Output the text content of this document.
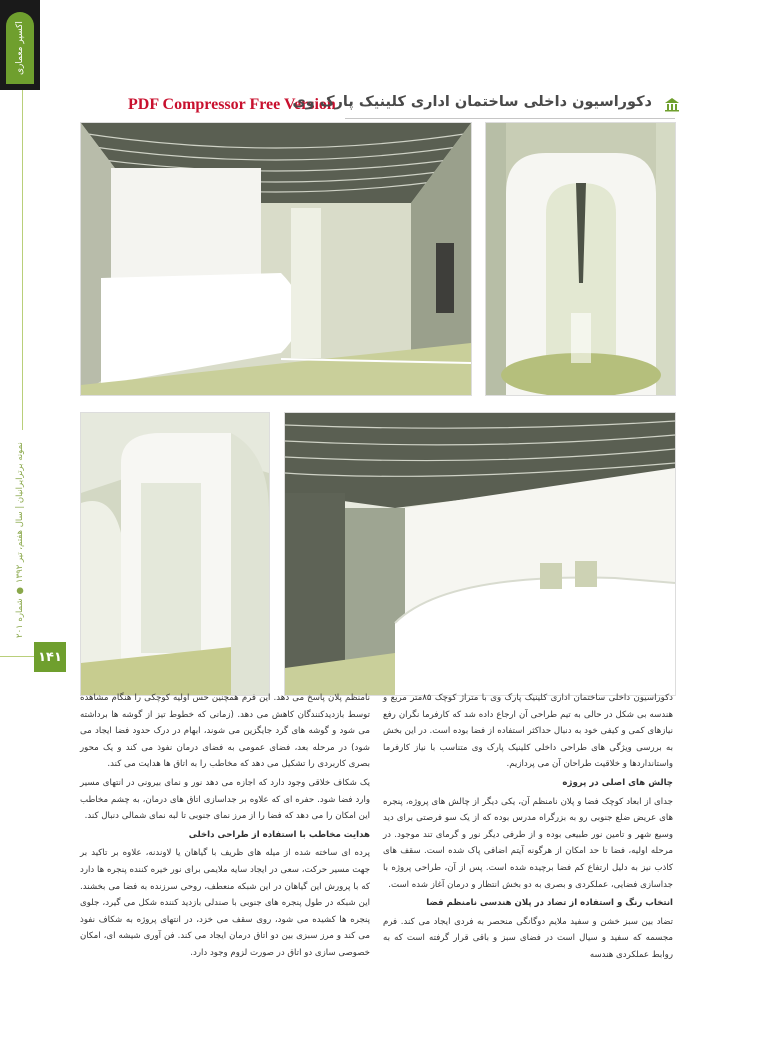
اکسپر معماری
نمونه برترایرانیان | سال هفتم، تیر ۱۳۹۲ ● شماره ۲۰۱
۱۴۱
PDF Compressor Free Version
دکوراسیون داخلی ساختمان اداری کلینیک پارک وی

دکوراسیون داخلی ساختمان اداری کلینیک پارک وی با متراژ کوچک ۸۵متر مربع و هندسه بی شکل در حالی به تیم طراحی آن ارجاع داده شد که کارفرما نگران رفع نیازهای کمی و کیفی خود به دنبال حداکثر استفاده از فضا بوده است. در این بخش به بررسی ویژگی های طراحی داخلی کلینیک پارک وی متناسب با نیاز کارفرما واستانداردها و خلاقیت طراحان آن می پردازیم.

چالش های اصلی در پروژه

جدای از ابعاد کوچک فضا و پلان نامنظم آن، یکی دیگر از چالش های پروژه، پنجره های عریض ضلع جنوبی رو به بزرگراه مدرس بوده که از یک سو فرصتی برای دید وسیع شهر و تامین نور طبیعی بوده و از طرفی دیگر نور و گرمای تند موجود. در مرحله اولیه، فضا تا حد امکان از هرگونه آیتم اضافی پاک شده است. سقف های کاذب نیز به دلیل ارتفاع کم فضا برچیده شده است. پس از آن، طراحی پروژه با جداسازی فضایی، عملکردی و بصری به دو بخش انتظار و درمان آغاز شده است.

انتخاب رنگ و استفاده از تضاد در پلان هندسی نامنظم فضا

تضاد بین سبز خشن و سفید ملایم دوگانگی منحصر به فردی ایجاد می کند. فرم مجسمه که سفید و سیال است در فضای سبز و باقی قرار گرفته است که به روابط عملکردی هندسه

نامنظم پلان پاسخ می دهد. این فرم همچنین حس اولیه کوچکی را هنگام مشاهده توسط بازدیدکنندگان کاهش می دهد. (زمانی که خطوط تیز از گوشه ها برداشته می شود و گوشه های گرد جایگزین می شوند، ابهام در درک حدود فضا ایجاد می شود) در مرحله بعد، فضای عمومی به فضای درمان نفوذ می کند و یک محور بصری کاربردی را تشکیل می دهد که مخاطب را به اتاق ها هدایت می کند.

یک شکاف خلاقی وجود دارد که اجازه می دهد نور و نمای بیرونی در انتهای مسیر وارد فضا شود. حفره ای که علاوه بر جداسازی اتاق های درمان، به چشم مخاطب این امکان را می دهد که فضا را از مرز نمای جنوبی تا لبه نمای شمالی دنبال کند.

هدایت مخاطب با استفاده از طراحی داخلی

پرده ای ساخته شده از میله های ظریف با گیاهان یا لاوندنه، علاوه بر تاکید بر جهت مسیر حرکت، سعی در ایجاد سایه ملایمی برای نور خیره کننده پنجره ها دارد که با پرورش این گیاهان در این شبکه منعطف، روحی سرزنده به فضا می بخشند. این شبکه در طول پنجره های جنوبی با صندلی بازدید کننده شکل می گیرد، جلوی پنجره ها کشیده می شود، روی سقف می خزد، در انتهای پروژه به شکاف نفوذ می کند و مرز سبزی بین دو اتاق درمان ایجاد می کند. فن آوری شیشه ای، امکان خصوصی سازی دو اتاق در صورت لزوم وجود دارد.
